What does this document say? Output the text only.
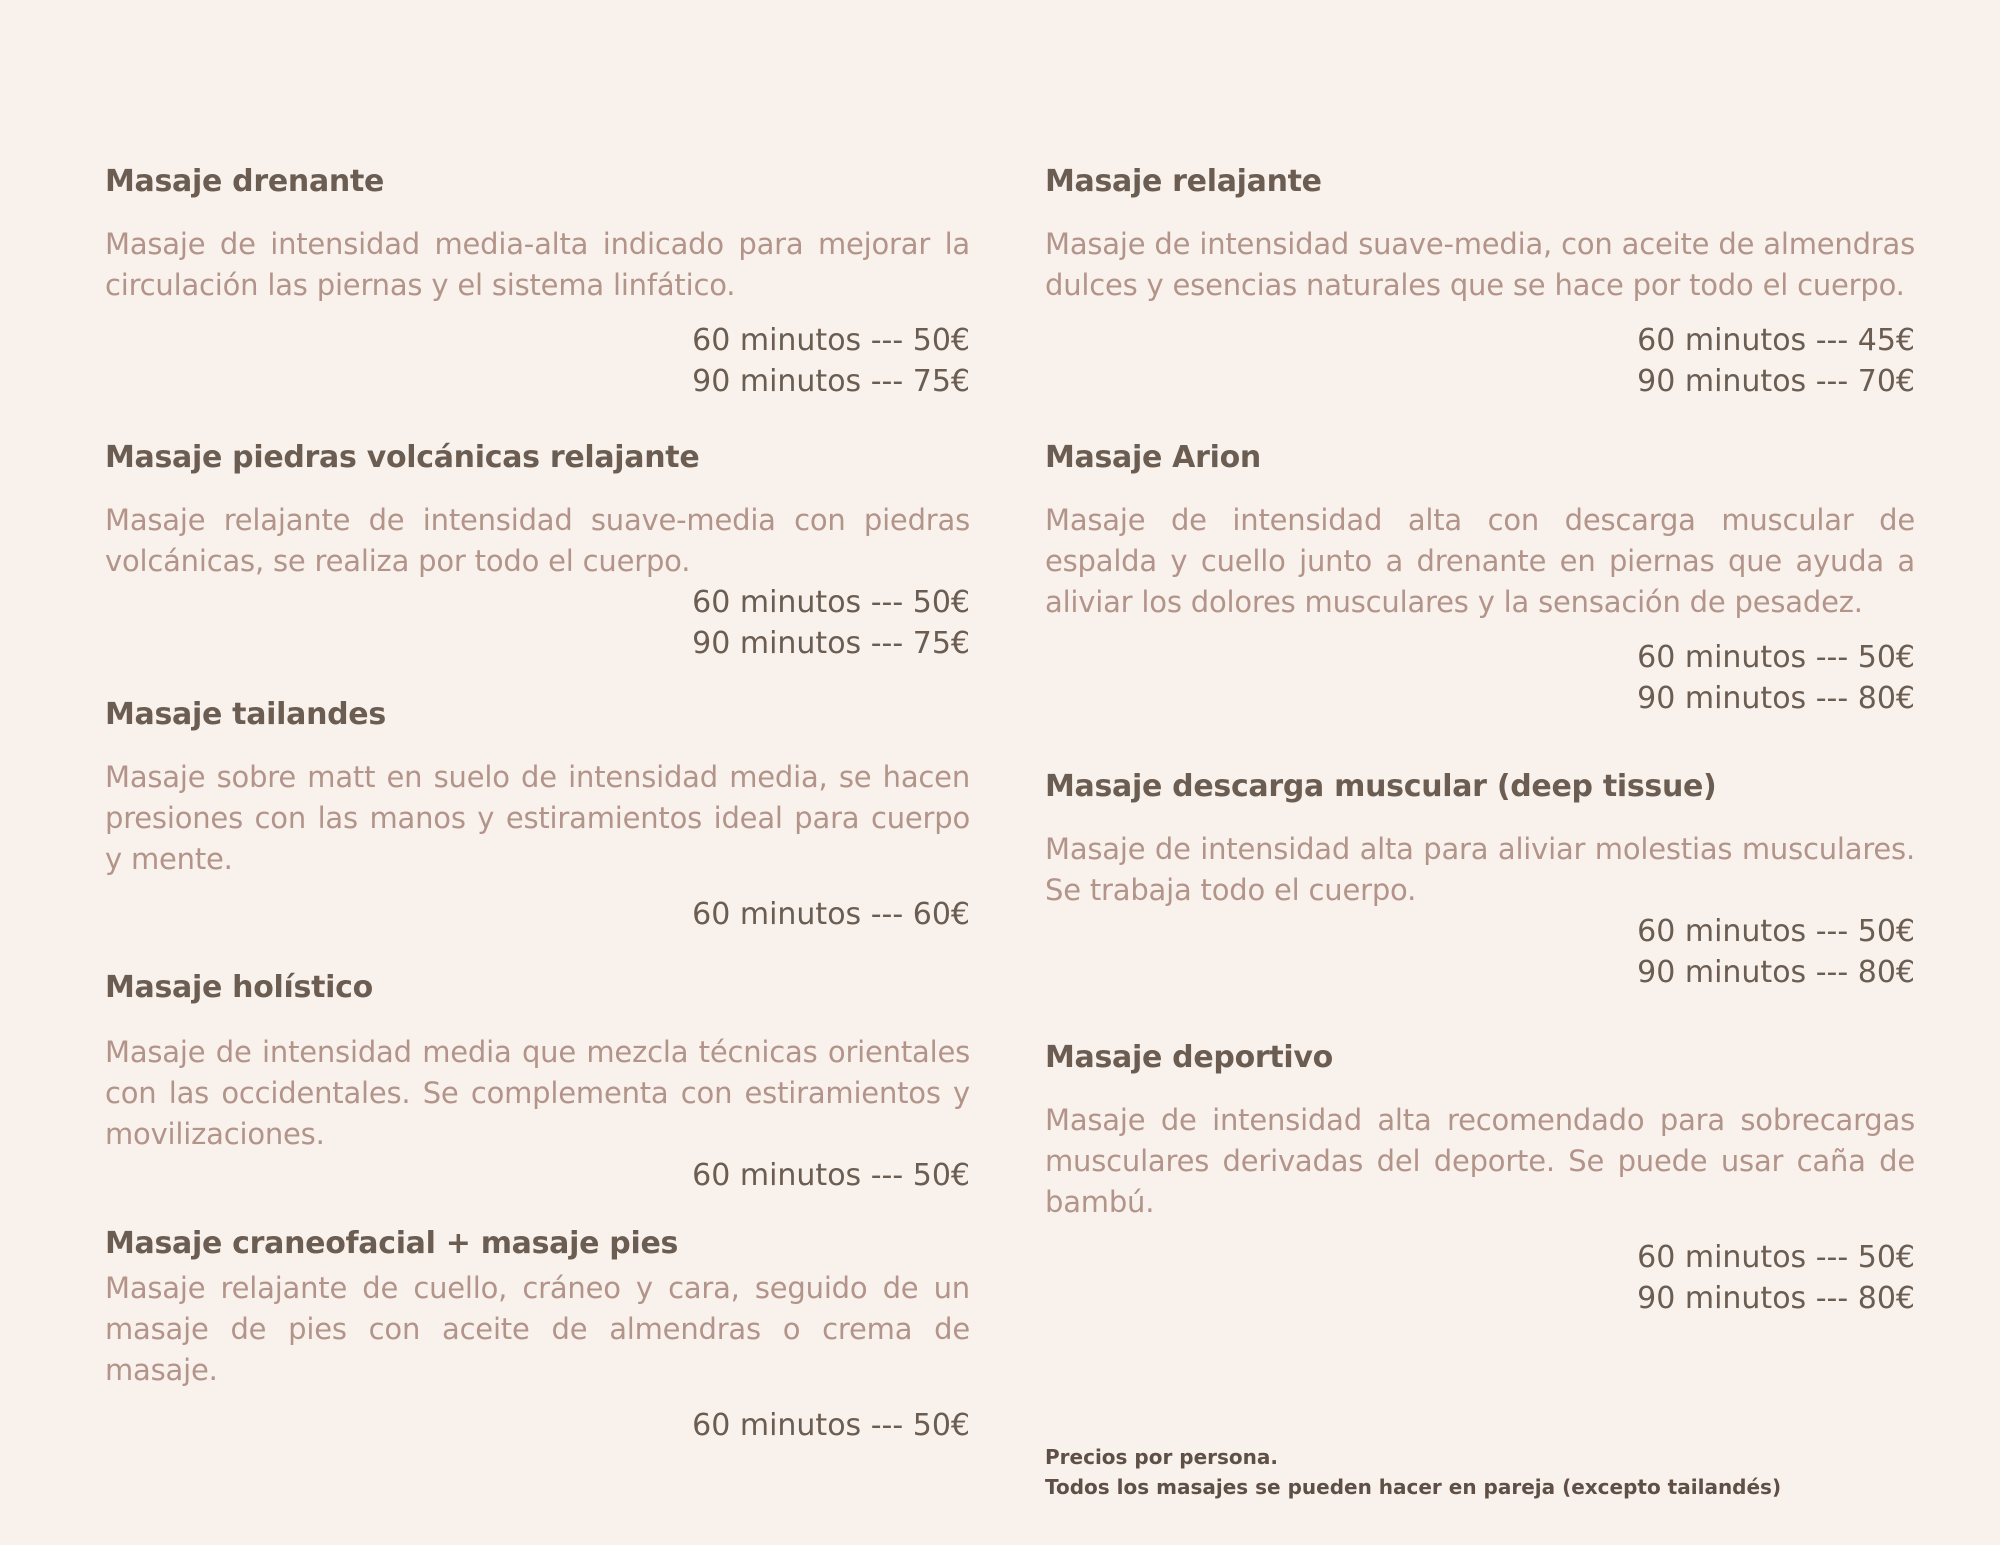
Masaje drenante

Masaje de intensidad media-alta indicado para mejorar la circulación las piernas y el sistema linfático.

60 minutos --- 50€
90 minutos --- 75€
Masaje piedras volcánicas relajante

Masaje relajante de intensidad suave-media con piedras volcánicas, se realiza por todo el cuerpo.

60 minutos --- 50€
90 minutos --- 75€
Masaje tailandes

Masaje sobre matt en suelo de intensidad media, se hacen presiones con las manos y estiramientos ideal para cuerpo y mente.

60 minutos --- 60€
Masaje holístico

Masaje de intensidad media que mezcla técnicas orientales con las occidentales. Se complementa con estiramientos y movilizaciones.

60 minutos --- 50€
Masaje craneofacial + masaje pies

Masaje relajante de cuello, cráneo y cara, seguido de un masaje de pies con aceite de almendras o crema de masaje.

60 minutos --- 50€
Masaje relajante

Masaje de intensidad suave-media, con aceite de almendras dulces y esencias naturales que se hace por todo el cuerpo.

60 minutos --- 45€
90 minutos --- 70€
Masaje Arion

Masaje de intensidad alta con descarga muscular de espalda y cuello junto a drenante en piernas que ayuda a aliviar los dolores musculares y la sensación de pesadez.

60 minutos --- 50€
90 minutos --- 80€
Masaje descarga muscular (deep tissue)

Masaje de intensidad alta para aliviar molestias musculares. Se trabaja todo el cuerpo.

60 minutos --- 50€
90 minutos --- 80€
Masaje deportivo

Masaje de intensidad alta recomendado para sobrecargas musculares derivadas del deporte. Se puede usar caña de bambú.

60 minutos --- 50€
90 minutos --- 80€
Precios por persona.
Todos los masajes se pueden hacer en pareja (excepto tailandés)
